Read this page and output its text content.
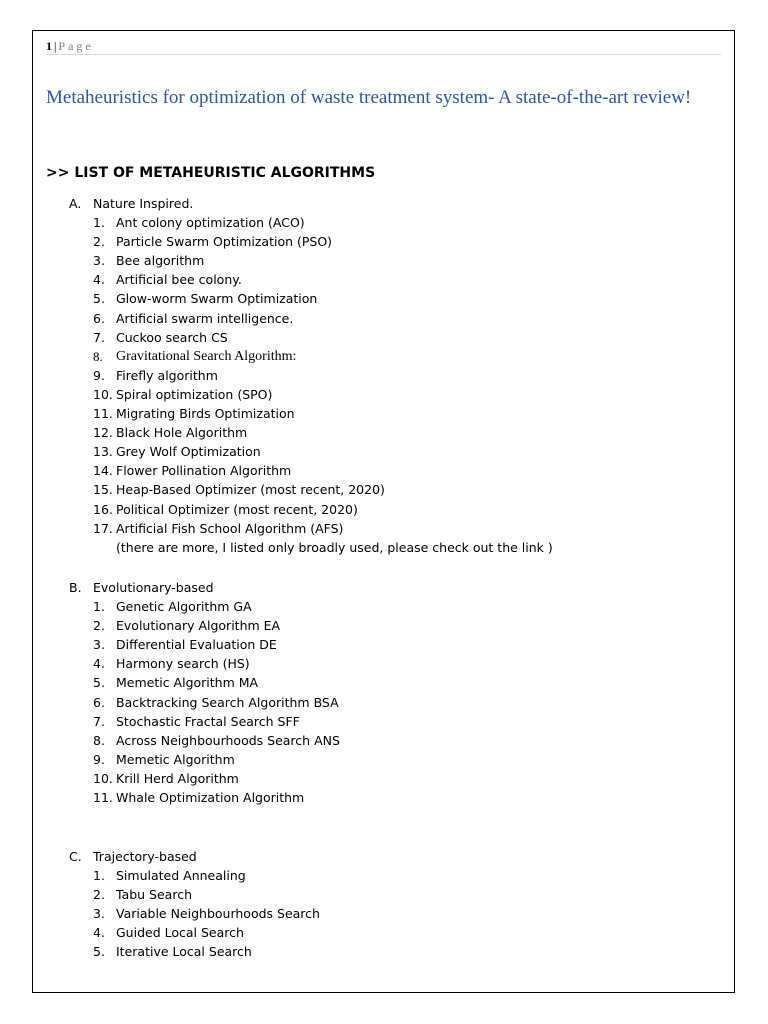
1 | Page
Metaheuristics for optimization of waste treatment system- A state-of-the-art review!
>> LIST OF METAHEURISTIC ALGORITHMS
A. Nature Inspired.
1. Ant colony optimization (ACO)
2. Particle Swarm Optimization (PSO)
3. Bee algorithm
4. Artificial bee colony.
5. Glow-worm Swarm Optimization
6. Artificial swarm intelligence.
7. Cuckoo search CS
8. Gravitational Search Algorithm:
9. Firefly algorithm
10. Spiral optimization (SPO)
11. Migrating Birds Optimization
12. Black Hole Algorithm
13. Grey Wolf Optimization
14. Flower Pollination Algorithm
15. Heap-Based Optimizer (most recent, 2020)
16. Political Optimizer (most recent, 2020)
17. Artificial Fish School Algorithm (AFS)
(there are more, I listed only broadly used, please check out the link )
B. Evolutionary-based
1. Genetic Algorithm GA
2. Evolutionary Algorithm EA
3. Differential Evaluation DE
4. Harmony search (HS)
5. Memetic Algorithm MA
6. Backtracking Search Algorithm BSA
7. Stochastic Fractal Search SFF
8. Across Neighbourhoods Search ANS
9. Memetic Algorithm
10. Krill Herd Algorithm
11. Whale Optimization Algorithm
C. Trajectory-based
1. Simulated Annealing
2. Tabu Search
3. Variable Neighbourhoods Search
4. Guided Local Search
5. Iterative Local Search
